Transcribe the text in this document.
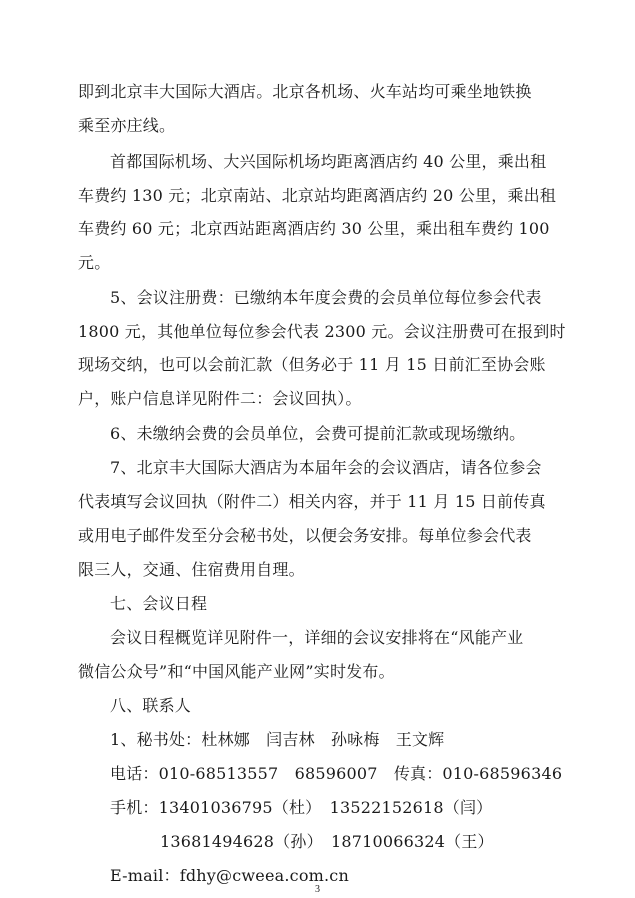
即到北京丰大国际大酒店。北京各机场、火车站均可乘坐地铁换
乘至亦庄线。
首都国际机场、大兴国际机场均距离酒店约 40 公里，乘出租
车费约 130 元；北京南站、北京站均距离酒店约 20 公里，乘出租
车费约 60 元；北京西站距离酒店约 30 公里，乘出租车费约 100
元。
5、会议注册费：已缴纳本年度会费的会员单位每位参会代表
1800 元，其他单位每位参会代表 2300 元。会议注册费可在报到时
现场交纳，也可以会前汇款（但务必于 11 月 15 日前汇至协会账
户，账户信息详见附件二：会议回执）。
6、未缴纳会费的会员单位，会费可提前汇款或现场缴纳。
7、北京丰大国际大酒店为本届年会的会议酒店，请各位参会
代表填写会议回执（附件二）相关内容，并于 11 月 15 日前传真
或用电子邮件发至分会秘书处，以便会务安排。每单位参会代表
限三人，交通、住宿费用自理。
七、会议日程
会议日程概览详见附件一，详细的会议安排将在“风能产业
微信公众号”和“中国风能产业网”实时发布。
八、联系人
1、秘书处：杜林娜　闫吉林　孙咏梅　王文辉
电话：010-68513557　68596007　传真：010-68596346
手机：13401036795（杜）　13522152618（闫）
13681494628（孙）　18710066324（王）
E-mail：fdhy@cweea.com.cn
3
